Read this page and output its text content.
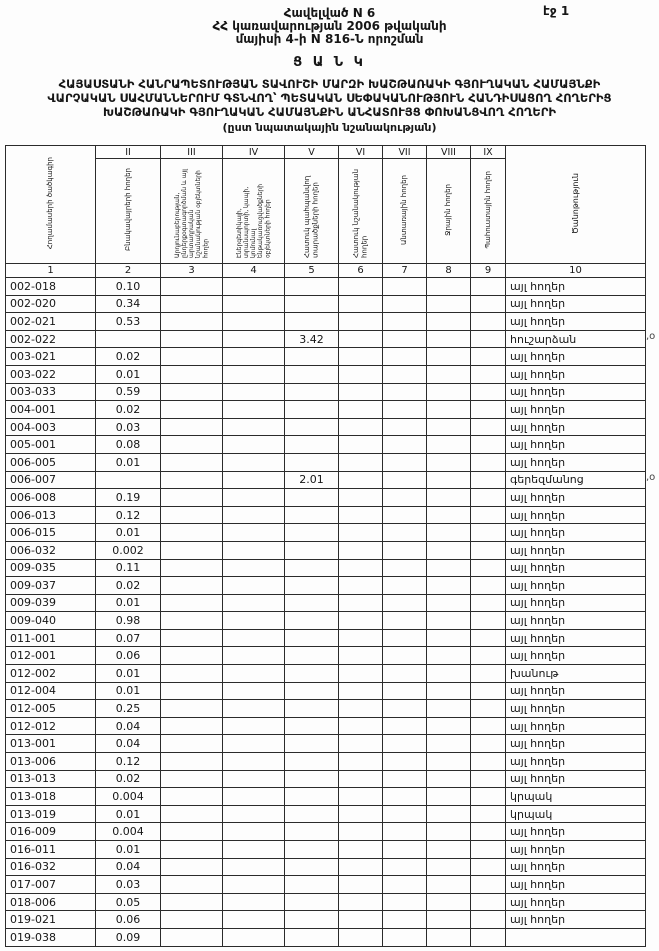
էջ 1
Հավելված N 6
ՀՀ կառավարության 2006 թվականի
մայիսի 4-ի N 816-Ն որոշման
Ց Ա Ն Կ
ՀԱՅԱՍՏԱՆԻ ՀԱՆՐԱՊԵՏՈՒԹՅԱՆ ՏԱՎՈՒՇԻ ՄԱՐԶԻ ԽԱՇԹԱՌԱԿԻ ԳՅՈՒՂԱԿԱՆ ՀԱՄԱՅՆՔԻ
ՎԱՐՉԱԿԱՆ ՍԱՀՄԱՆՆԵՐՈՒՄ ԳՏՆՎՈՂ՝ ՊԵՏԱԿԱՆ ՍԵՓԱԿԱՆՈՒԹՅՈՒՆ ՀԱՆԴԻՍԱՑՈՂ ՀՈՂԵՐԻՑ
ԽԱՇԹԱՌԱԿԻ ԳՅՈՒՂԱԿԱՆ ՀԱՄԱՅՆՔԻՆ ԱՆՀԱՏՈՒՅՑ ՓՈԽԱՆՑՎՈՂ ՀՈՂԵՐԻ
(ըստ նպատակային նշանակության)
Հողամասերի ծածկագիր	II	III	IV	V	VI	VII	VIII	IX	Ծանոթություն
	Բնակավայրերի հողեր	Արդյունաբերության, ընդերքօգտագործման և այլ արտադրական նշանակության օբյեկտների հողեր	Էներգետիկայի, տրանսպորտի, կապի, կոմունալ ենթակառուցվածքների օբյեկտների հողեր	Հատուկ պահպանվող տարածքների հողեր	Հատուկ նշանակության հողեր	Անտառային հողեր	Ջրային հողեր	Պահուստային հողեր	
1	2	3	4	5	6	7	8	9	10
002-018	0.10								այլ հողեր
002-020	0.34								այլ հողեր
002-021	0.53								այլ հողեր
002-022				3.42					հուշարձան
003-021	0.02								այլ հողեր
003-022	0.01								այլ հողեր
003-033	0.59								այլ հողեր
004-001	0.02								այլ հողեր
004-003	0.03								այլ հողեր
005-001	0.08								այլ հողեր
006-005	0.01								այլ հողեր
006-007				2.01					գերեզմանոց
006-008	0.19								այլ հողեր
006-013	0.12								այլ հողեր
006-015	0.01								այլ հողեր
006-032	0.002								այլ հողեր
009-035	0.11								այլ հողեր
009-037	0.02								այլ հողեր
009-039	0.01								այլ հողեր
009-040	0.98								այլ հողեր
011-001	0.07								այլ հողեր
012-001	0.06								այլ հողեր
012-002	0.01								խանութ
012-004	0.01								այլ հողեր
012-005	0.25								այլ հողեր
012-012	0.04								այլ հողեր
013-001	0.04								այլ հողեր
013-006	0.12								այլ հողեր
013-013	0.02								այլ հողեր
013-018	0.004								կրպակ
013-019	0.01								կրպակ
016-009	0.004								այլ հողեր
016-011	0.01								այլ հողեր
016-032	0.04								այլ հողեր
017-007	0.03								այլ հողեր
018-006	0.05								այլ հողեր
019-021	0.06								այլ հողեր
019-038	0.09								
,օ
,օ
